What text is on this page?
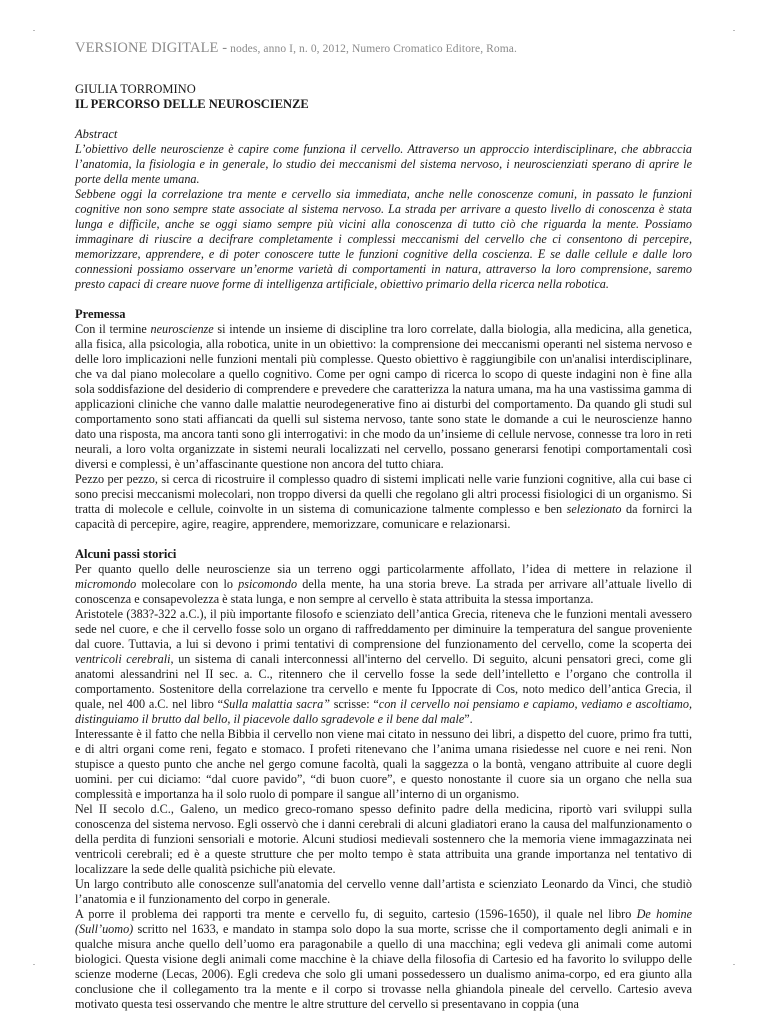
VERSIONE DIGITALE - nodes, anno I, n. 0, 2012, Numero Cromatico Editore, Roma.
GIULIA TORROMINO
IL PERCORSO DELLE NEUROSCIENZE
Abstract

L’obiettivo delle neuroscienze è capire come funziona il cervello. Attraverso un approccio interdisciplinare, che abbraccia l’anatomia, la fisiologia e in generale, lo studio dei meccanismi del sistema nervoso, i neuroscienziati sperano di aprire le porte della mente umana.

Sebbene oggi la correlazione tra mente e cervello sia immediata, anche nelle conoscenze comuni, in passato le funzioni cognitive non sono sempre state associate al sistema nervoso. La strada per arrivare a questo livello di conoscenza è stata lunga e difficile, anche se oggi siamo sempre più vicini alla conoscenza di tutto ciò che riguarda la mente. Possiamo immaginare di riuscire a decifrare completamente i complessi meccanismi del cervello che ci consentono di percepire, memorizzare, apprendere, e di poter conoscere tutte le funzioni cognitive della coscienza. E se dalle cellule e dalle loro connessioni possiamo osservare un’enorme varietà di comportamenti in natura, attraverso la loro comprensione, saremo presto capaci di creare nuove forme di intelligenza artificiale, obiettivo primario della ricerca nella robotica.

Premessa

Con il termine neuroscienze si intende un insieme di discipline tra loro correlate, dalla biologia, alla medicina, alla genetica, alla fisica, alla psicologia, alla robotica, unite in un obiettivo: la comprensione dei meccanismi operanti nel sistema nervoso e delle loro implicazioni nelle funzioni mentali più complesse. Questo obiettivo è raggiungibile con un'analisi interdisciplinare, che va dal piano molecolare a quello cognitivo. Come per ogni campo di ricerca lo scopo di queste indagini non è fine alla sola soddisfazione del desiderio di comprendere e prevedere che caratterizza la natura umana, ma ha una vastissima gamma di applicazioni cliniche che vanno dalle malattie neurodegenerative fino ai disturbi del comportamento. Da quando gli studi sul comportamento sono stati affiancati da quelli sul sistema nervoso, tante sono state le domande a cui le neuroscienze hanno dato una risposta, ma ancora tanti sono gli interrogativi: in che modo da un’insieme di cellule nervose, connesse tra loro in reti neurali, a loro volta organizzate in sistemi neurali localizzati nel cervello, possano generarsi fenotipi comportamentali così diversi e complessi, è un’affascinante questione non ancora del tutto chiara.

Pezzo per pezzo, si cerca di ricostruire il complesso quadro di sistemi implicati nelle varie funzioni cognitive, alla cui base ci sono precisi meccanismi molecolari, non troppo diversi da quelli che regolano gli altri processi fisiologici di un organismo. Si tratta di molecole e cellule, coinvolte in un sistema di comunicazione talmente complesso e ben selezionato da fornirci la capacità di percepire, agire, reagire, apprendere, memorizzare, comunicare e relazionarsi.

Alcuni passi storici

Per quanto quello delle neuroscienze sia un terreno oggi particolarmente affollato, l’idea di mettere in relazione il micromondo molecolare con lo psicomondo della mente, ha una storia breve. La strada per arrivare all’attuale livello di conoscenza e consapevolezza è stata lunga, e non sempre al cervello è stata attribuita la stessa importanza.

Aristotele (383?-322 a.C.), il più importante filosofo e scienziato dell’antica Grecia, riteneva che le funzioni mentali avessero sede nel cuore, e che il cervello fosse solo un organo di raffreddamento per diminuire la temperatura del sangue proveniente dal cuore. Tuttavia, a lui si devono i primi tentativi di comprensione del funzionamento del cervello, come la scoperta dei ventricoli cerebrali, un sistema di canali interconnessi all'interno del cervello. Di seguito, alcuni pensatori greci, come gli anatomi alessandrini nel II sec. a. C., ritennero che il cervello fosse la sede dell’intelletto e l’organo che controlla il comportamento. Sostenitore della correlazione tra cervello e mente fu Ippocrate di Cos, noto medico dell’antica Grecia, il quale, nel 400 a.C. nel libro “Sulla malattia sacra” scrisse: “con il cervello noi pensiamo e capiamo, vediamo e ascoltiamo, distinguiamo il brutto dal bello, il piacevole dallo sgradevole e il bene dal male”.

Interessante è il fatto che nella Bibbia il cervello non viene mai citato in nessuno dei libri, a dispetto del cuore, primo fra tutti, e di altri organi come reni, fegato e stomaco. I profeti ritenevano che l’anima umana risiedesse nel cuore e nei reni. Non stupisce a questo punto che anche nel gergo comune facoltà, quali la saggezza o la bontà, vengano attribuite al cuore degli uomini. per cui diciamo: “dal cuore pavido”, “di buon cuore”, e questo nonostante il cuore sia un organo che nella sua complessità e importanza ha il solo ruolo di pompare il sangue all’interno di un organismo.

Nel II secolo d.C., Galeno, un medico greco-romano spesso definito padre della medicina, riportò vari sviluppi sulla conoscenza del sistema nervoso. Egli osservò che i danni cerebrali di alcuni gladiatori erano la causa del malfunzionamento o della perdita di funzioni sensoriali e motorie. Alcuni studiosi medievali sostennero che la memoria viene immagazzinata nei ventricoli cerebrali; ed è a queste strutture che per molto tempo è stata attribuita una grande importanza nel tentativo di localizzare la sede delle qualità psichiche più elevate.

Un largo contributo alle conoscenze sull'anatomia del cervello venne dall’artista e scienziato Leonardo da Vinci, che studiò l’anatomia e il funzionamento del corpo in generale.

A porre il problema dei rapporti tra mente e cervello fu, di seguito, cartesio (1596-1650), il quale nel libro De homine (Sull’uomo) scritto nel 1633, e mandato in stampa solo dopo la sua morte, scrisse che il comportamento degli animali e in qualche misura anche quello dell’uomo era paragonabile a quello di una macchina; egli vedeva gli animali come automi biologici. Questa visione degli animali come macchine è la chiave della filosofia di Cartesio ed ha favorito lo sviluppo delle scienze moderne (Lecas, 2006). Egli credeva che solo gli umani possedessero un dualismo anima-corpo, ed era giunto alla conclusione che il collegamento tra la mente e il corpo si trovasse nella ghiandola pineale del cervello. Cartesio aveva motivato questa tesi osservando che mentre le altre strutture del cervello si presentavano in coppia (una
